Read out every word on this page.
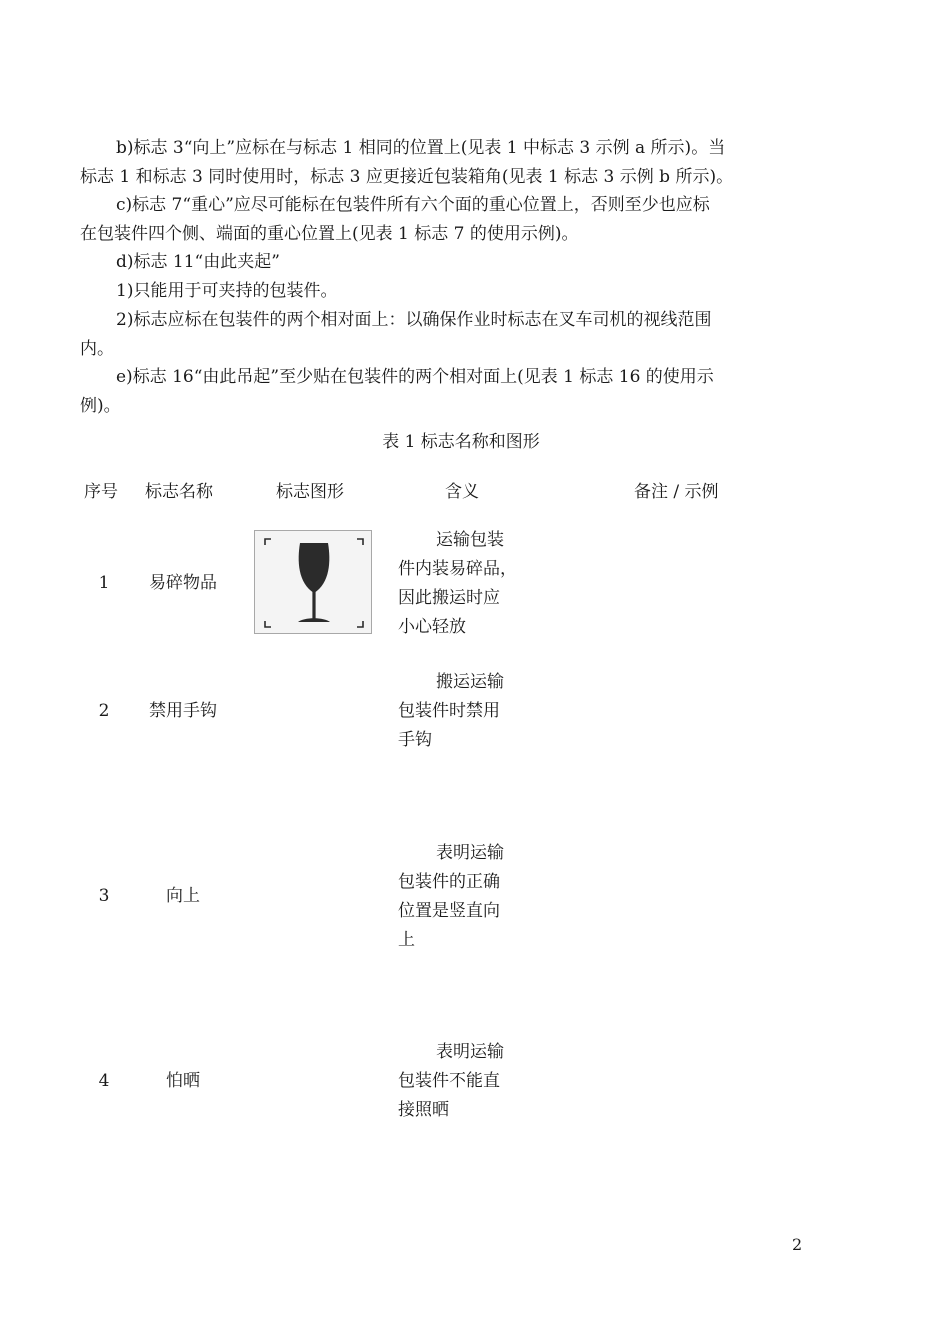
b)标志 3“向上”应标在与标志 1 相同的位置上(见表 1 中标志 3 示例 a 所示)。当
标志 1 和标志 3 同时使用时，标志 3 应更接近包装箱角(见表 1 标志 3 示例 b 所示)。

c)标志 7“重心”应尽可能标在包装件所有六个面的重心位置上，否则至少也应标
在包装件四个侧、端面的重心位置上(见表 1 标志 7 的使用示例)。

d)标志 11“由此夹起”

1)只能用于可夹持的包装件。

2)标志应标在包装件的两个相对面上：以确保作业时标志在叉车司机的视线范围
内。

e)标志 16“由此吊起”至少贴在包装件的两个相对面上(见表 1 标志 16 的使用示
例)。

表 1 标志名称和图形
序号 标志名称	标志图形	含义	备注 / 示例
1	易碎物品
运输包装
件内装易碎品，
因此搬运时应
小心轻放
2	禁用手钩
搬运运输
包装件时禁用
手钩
3	向上
表明运输
包装件的正确
位置是竖直向
上
4	怕晒
表明运输
包装件不能直
接照晒
2
